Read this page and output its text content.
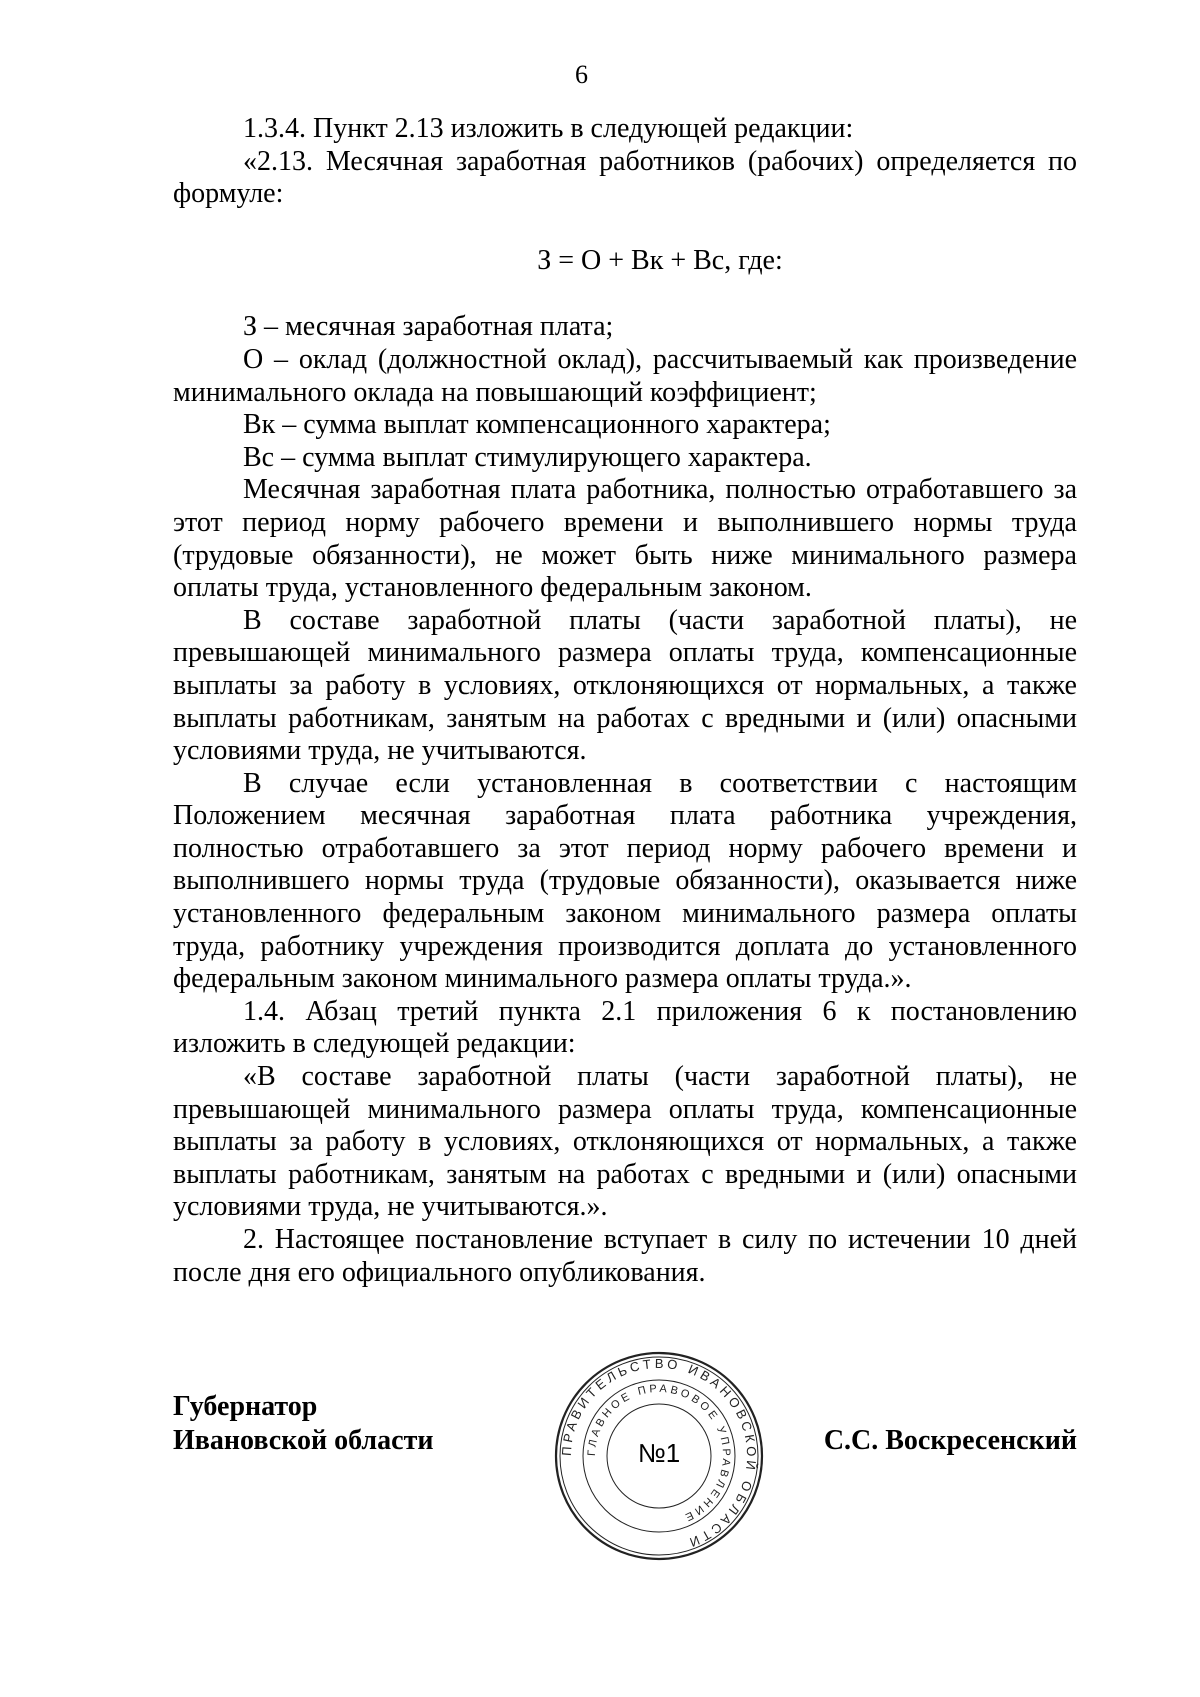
6

1.3.4. Пункт 2.13 изложить в следующей редакции:

«2.13. Месячная заработная работников (рабочих) определяется по формуле:

З = О + Вк + Вс, где:

З – месячная заработная плата;

О – оклад (должностной оклад), рассчитываемый как произведение минимального оклада на повышающий коэффициент;

Вк – сумма выплат компенсационного характера;

Вс – сумма выплат стимулирующего характера.

Месячная заработная плата работника, полностью отработавшего за этот период норму рабочего времени и выполнившего нормы труда (трудовые обязанности), не может быть ниже минимального размера оплаты труда, установленного федеральным законом.

В составе заработной платы (части заработной платы), не превышающей минимального размера оплаты труда, компенсационные выплаты за работу в условиях, отклоняющихся от нормальных, а также выплаты работникам, занятым на работах с вредными и (или) опасными условиями труда, не учитываются.

В случае если установленная в соответствии с настоящим Положением месячная заработная плата работника учреждения, полностью отработавшего за этот период норму рабочего времени и выполнившего нормы труда (трудовые обязанности), оказывается ниже установленного федеральным законом минимального размера оплаты труда, работнику учреждения производится доплата до установленного федеральным законом минимального размера оплаты труда.».

1.4. Абзац третий пункта 2.1 приложения 6 к постановлению изложить в следующей редакции:

«В составе заработной платы (части заработной платы), не превышающей минимального размера оплаты труда, компенсационные выплаты за работу в условиях, отклоняющихся от нормальных, а также выплаты работникам, занятым на работах с вредными и (или) опасными условиями труда, не учитываются.».

2. Настоящее постановление вступает в силу по истечении 10 дней после дня его официального опубликования.

Губернатор
Ивановской области	С.С. Воскресенский
ПРАВИТЕЛЬСТВО ИВАНОВСКОЙ ОБЛАСТИ
ГЛАВНОЕ ПРАВОВОЕ УПРАВЛЕНИЕ
№1
